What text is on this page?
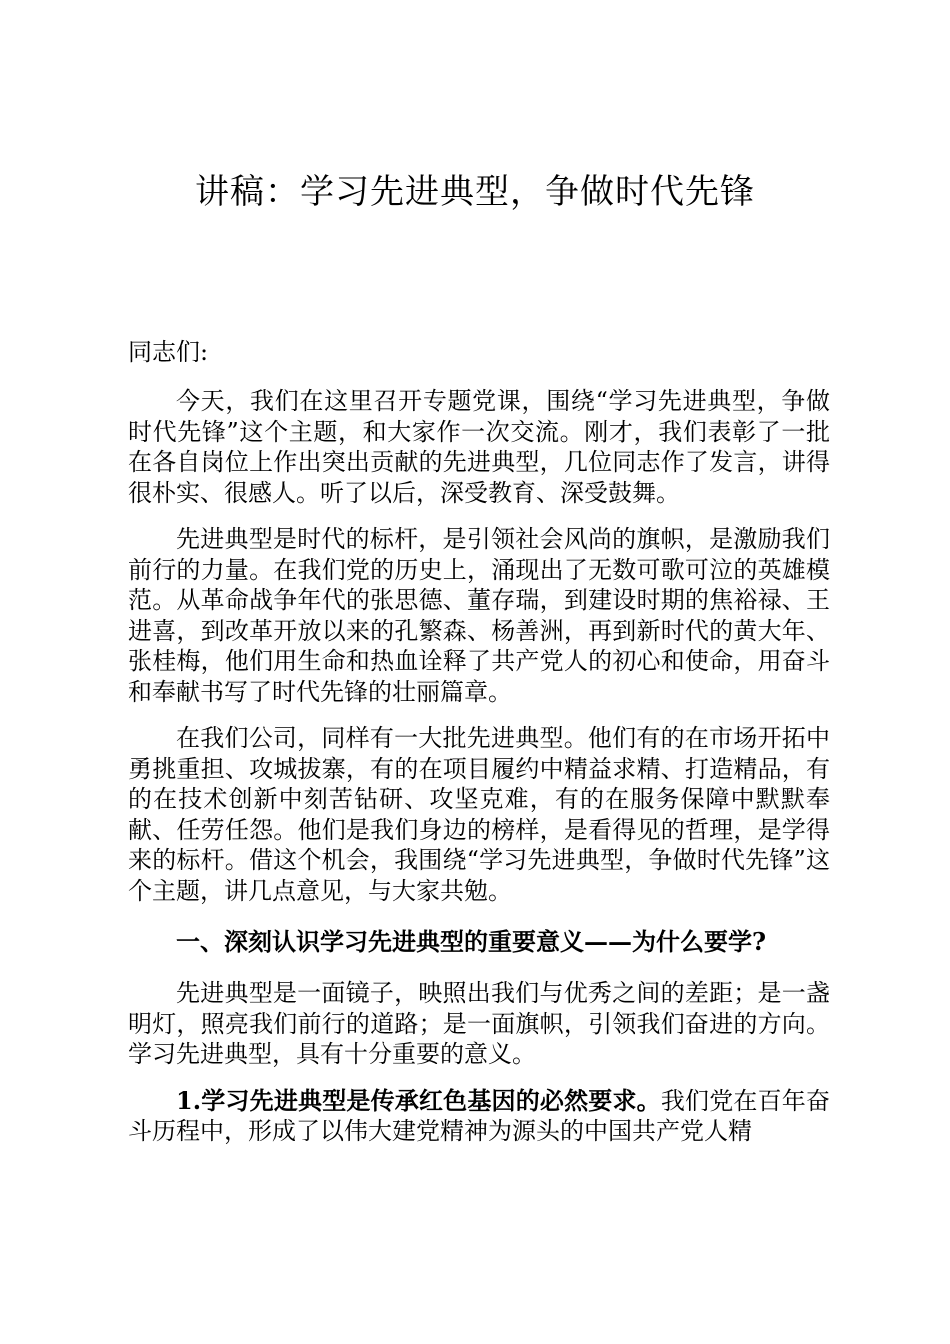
讲稿：学习先进典型，争做时代先锋

同志们:

今天，我们在这里召开专题党课，围绕“学习先进典型，争做时代先锋”这个主题，和大家作一次交流。刚才，我们表彰了一批在各自岗位上作出突出贡献的先进典型，几位同志作了发言，讲得很朴实、很感人。听了以后，深受教育、深受鼓舞。

先进典型是时代的标杆，是引领社会风尚的旗帜，是激励我们前行的力量。在我们党的历史上，涌现出了无数可歌可泣的英雄模范。从革命战争年代的张思德、董存瑞，到建设时期的焦裕禄、王进喜，到改革开放以来的孔繁森、杨善洲，再到新时代的黄大年、张桂梅，他们用生命和热血诠释了共产党人的初心和使命，用奋斗和奉献书写了时代先锋的壮丽篇章。

在我们公司，同样有一大批先进典型。他们有的在市场开拓中勇挑重担、攻城拔寨，有的在项目履约中精益求精、打造精品，有的在技术创新中刻苦钻研、攻坚克难，有的在服务保障中默默奉献、任劳任怨。他们是我们身边的榜样，是看得见的哲理，是学得来的标杆。借这个机会，我围绕“学习先进典型，争做时代先锋”这个主题，讲几点意见，与大家共勉。

一、深刻认识学习先进典型的重要意义——为什么要学?

先进典型是一面镜子，映照出我们与优秀之间的差距；是一盏明灯，照亮我们前行的道路；是一面旗帜，引领我们奋进的方向。学习先进典型，具有十分重要的意义。

1.学习先进典型是传承红色基因的必然要求。我们党在百年奋斗历程中，形成了以伟大建党精神为源头的中国共产党人精
